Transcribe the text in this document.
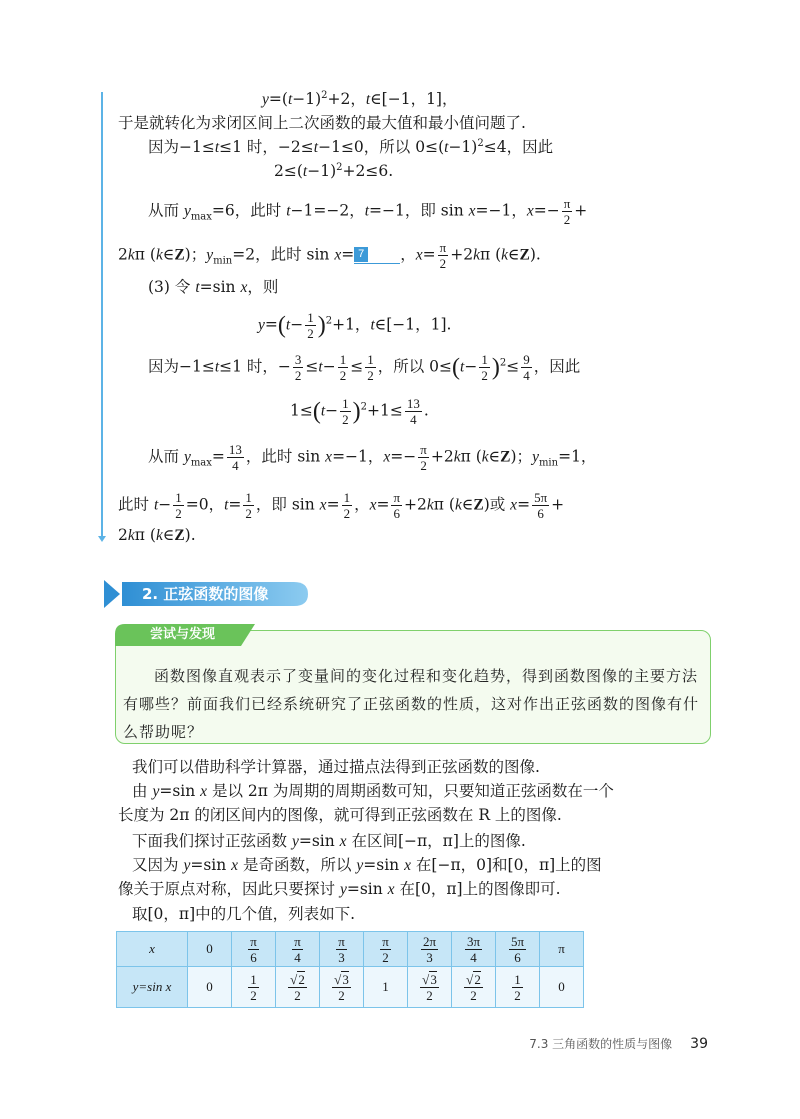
$y=(t-1)^2+2$，t∈[−1，1]，
于是就转化为求闭区间上二次函数的最大值和最小值问题了.
因为−1≤t≤1 时，−2≤t−1≤0，所以 $0\le(t-1)^2\le 4$，因此
$2\le(t-1)^2+2\le 6$.
从而 $y_{max}=6$，此时 t−1=−2，t=−1，即 sin x=−1，$x=- \frac{\pi}{2}$ +
2kπ (k∈Z)；$y_{min}=2$，此时 sin x= 7 ，$x= \frac{\pi}{2} +2k\pi$ (k∈Z).
(3) 令 t=sin x，则
$y=(t- \frac{1}{2} )^2+1$，t∈[−1，1].
因为−1≤t≤1 时，− $\frac{3}{2} \le t- \frac{1}{2} \le \frac{1}{2}$ ，所以 $0\le(t- \frac{1}{2} )^2\le \frac{9}{4}$ ，因此
$1\le(t- \frac{1}{2} )^2+1\le \frac{13}{4}$ .
从而 $y_{max}= \frac{13}{4}$ ，此时 sin x=−1，$x=- \frac{\pi}{2} +2k\pi$ (k∈Z)；$y_{min}=1$，
此时 $t- \frac{1}{2} =0$，$t= \frac{1}{2}$ ，即 $\sin x= \frac{1}{2}$ ，$x= \frac{\pi}{6} +2k\pi$ (k∈Z)或 $x= \frac{5\pi}{6}$ +
2kπ (k∈Z).
2. 正弦函数的图像
尝试与发现

函数图像直观表示了变量间的变化过程和变化趋势，得到函数图像的主要方法

有哪些？前面我们已经系统研究了正弦函数的性质，这对作出正弦函数的图像有什

么帮助呢？

我们可以借助科学计算器，通过描点法得到正弦函数的图像.
由 y=sin x 是以 2π 为周期的周期函数可知，只要知道正弦函数在一个
长度为 2π 的闭区间内的图像，就可得到正弦函数在 R 上的图像.
下面我们探讨正弦函数 y=sin x 在区间[−π，π]上的图像.
又因为 y=sin x 是奇函数，所以 y=sin x 在[−π，0]和[0，π]上的图
像关于原点对称，因此只要探讨 y=sin x 在[0，π]上的图像即可.
取[0，π]中的几个值，列表如下.
x	0	$\frac{\pi}{6}$	$\frac{\pi}{4}$	$\frac{\pi}{3}$	$\frac{\pi}{2}$	$\frac{2\pi}{3}$	$\frac{3\pi}{4}$	$\frac{5\pi}{6}$	π
y=sin x	0	$\frac{1}{2}$	$\frac{√2}{2}$	$\frac{√3}{2}$	1	$\frac{√3}{2}$	$\frac{√2}{2}$	$\frac{1}{2}$	0
7.3 三角函数的性质与图像 39
